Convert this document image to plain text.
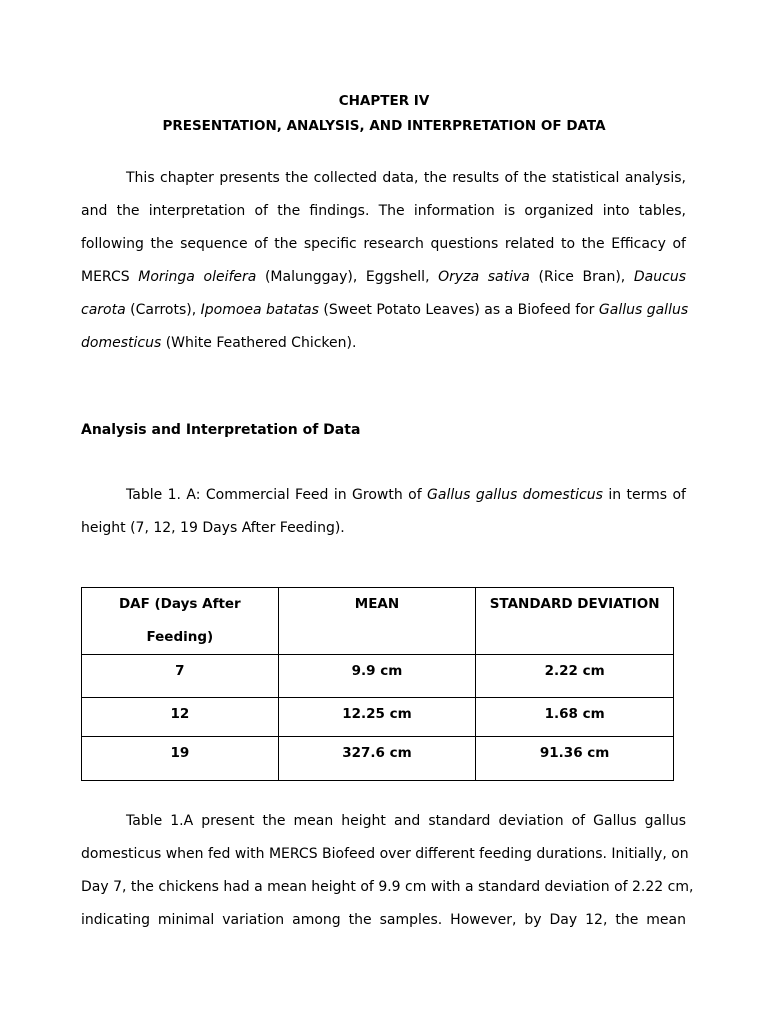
CHAPTER IV
PRESENTATION, ANALYSIS, AND INTERPRETATION OF DATA
This chapter presents the collected data, the results of the statistical analysis,
and the interpretation of the findings. The information is organized into tables,
following the sequence of the specific research questions related to the Efficacy of
MERCS Moringa oleifera (Malunggay), Eggshell, Oryza sativa (Rice Bran), Daucus
carota (Carrots), Ipomoea batatas (Sweet Potato Leaves) as a Biofeed for Gallus gallus
domesticus (White Feathered Chicken).
Analysis and Interpretation of Data
Table 1. A: Commercial Feed in Growth of Gallus gallus domesticus in terms of
height (7, 12, 19 Days After Feeding).
DAF (Days After
Feeding)	MEAN	STANDARD DEVIATION

7	9.9 cm	2.22 cm
12	12.25 cm	1.68 cm
19	327.6 cm	91.36 cm
Table 1.A present the mean height and standard deviation of Gallus gallus
domesticus when fed with MERCS Biofeed over different feeding durations. Initially, on
Day 7, the chickens had a mean height of 9.9 cm with a standard deviation of 2.22 cm,
indicating minimal variation among the samples. However, by Day 12, the mean
